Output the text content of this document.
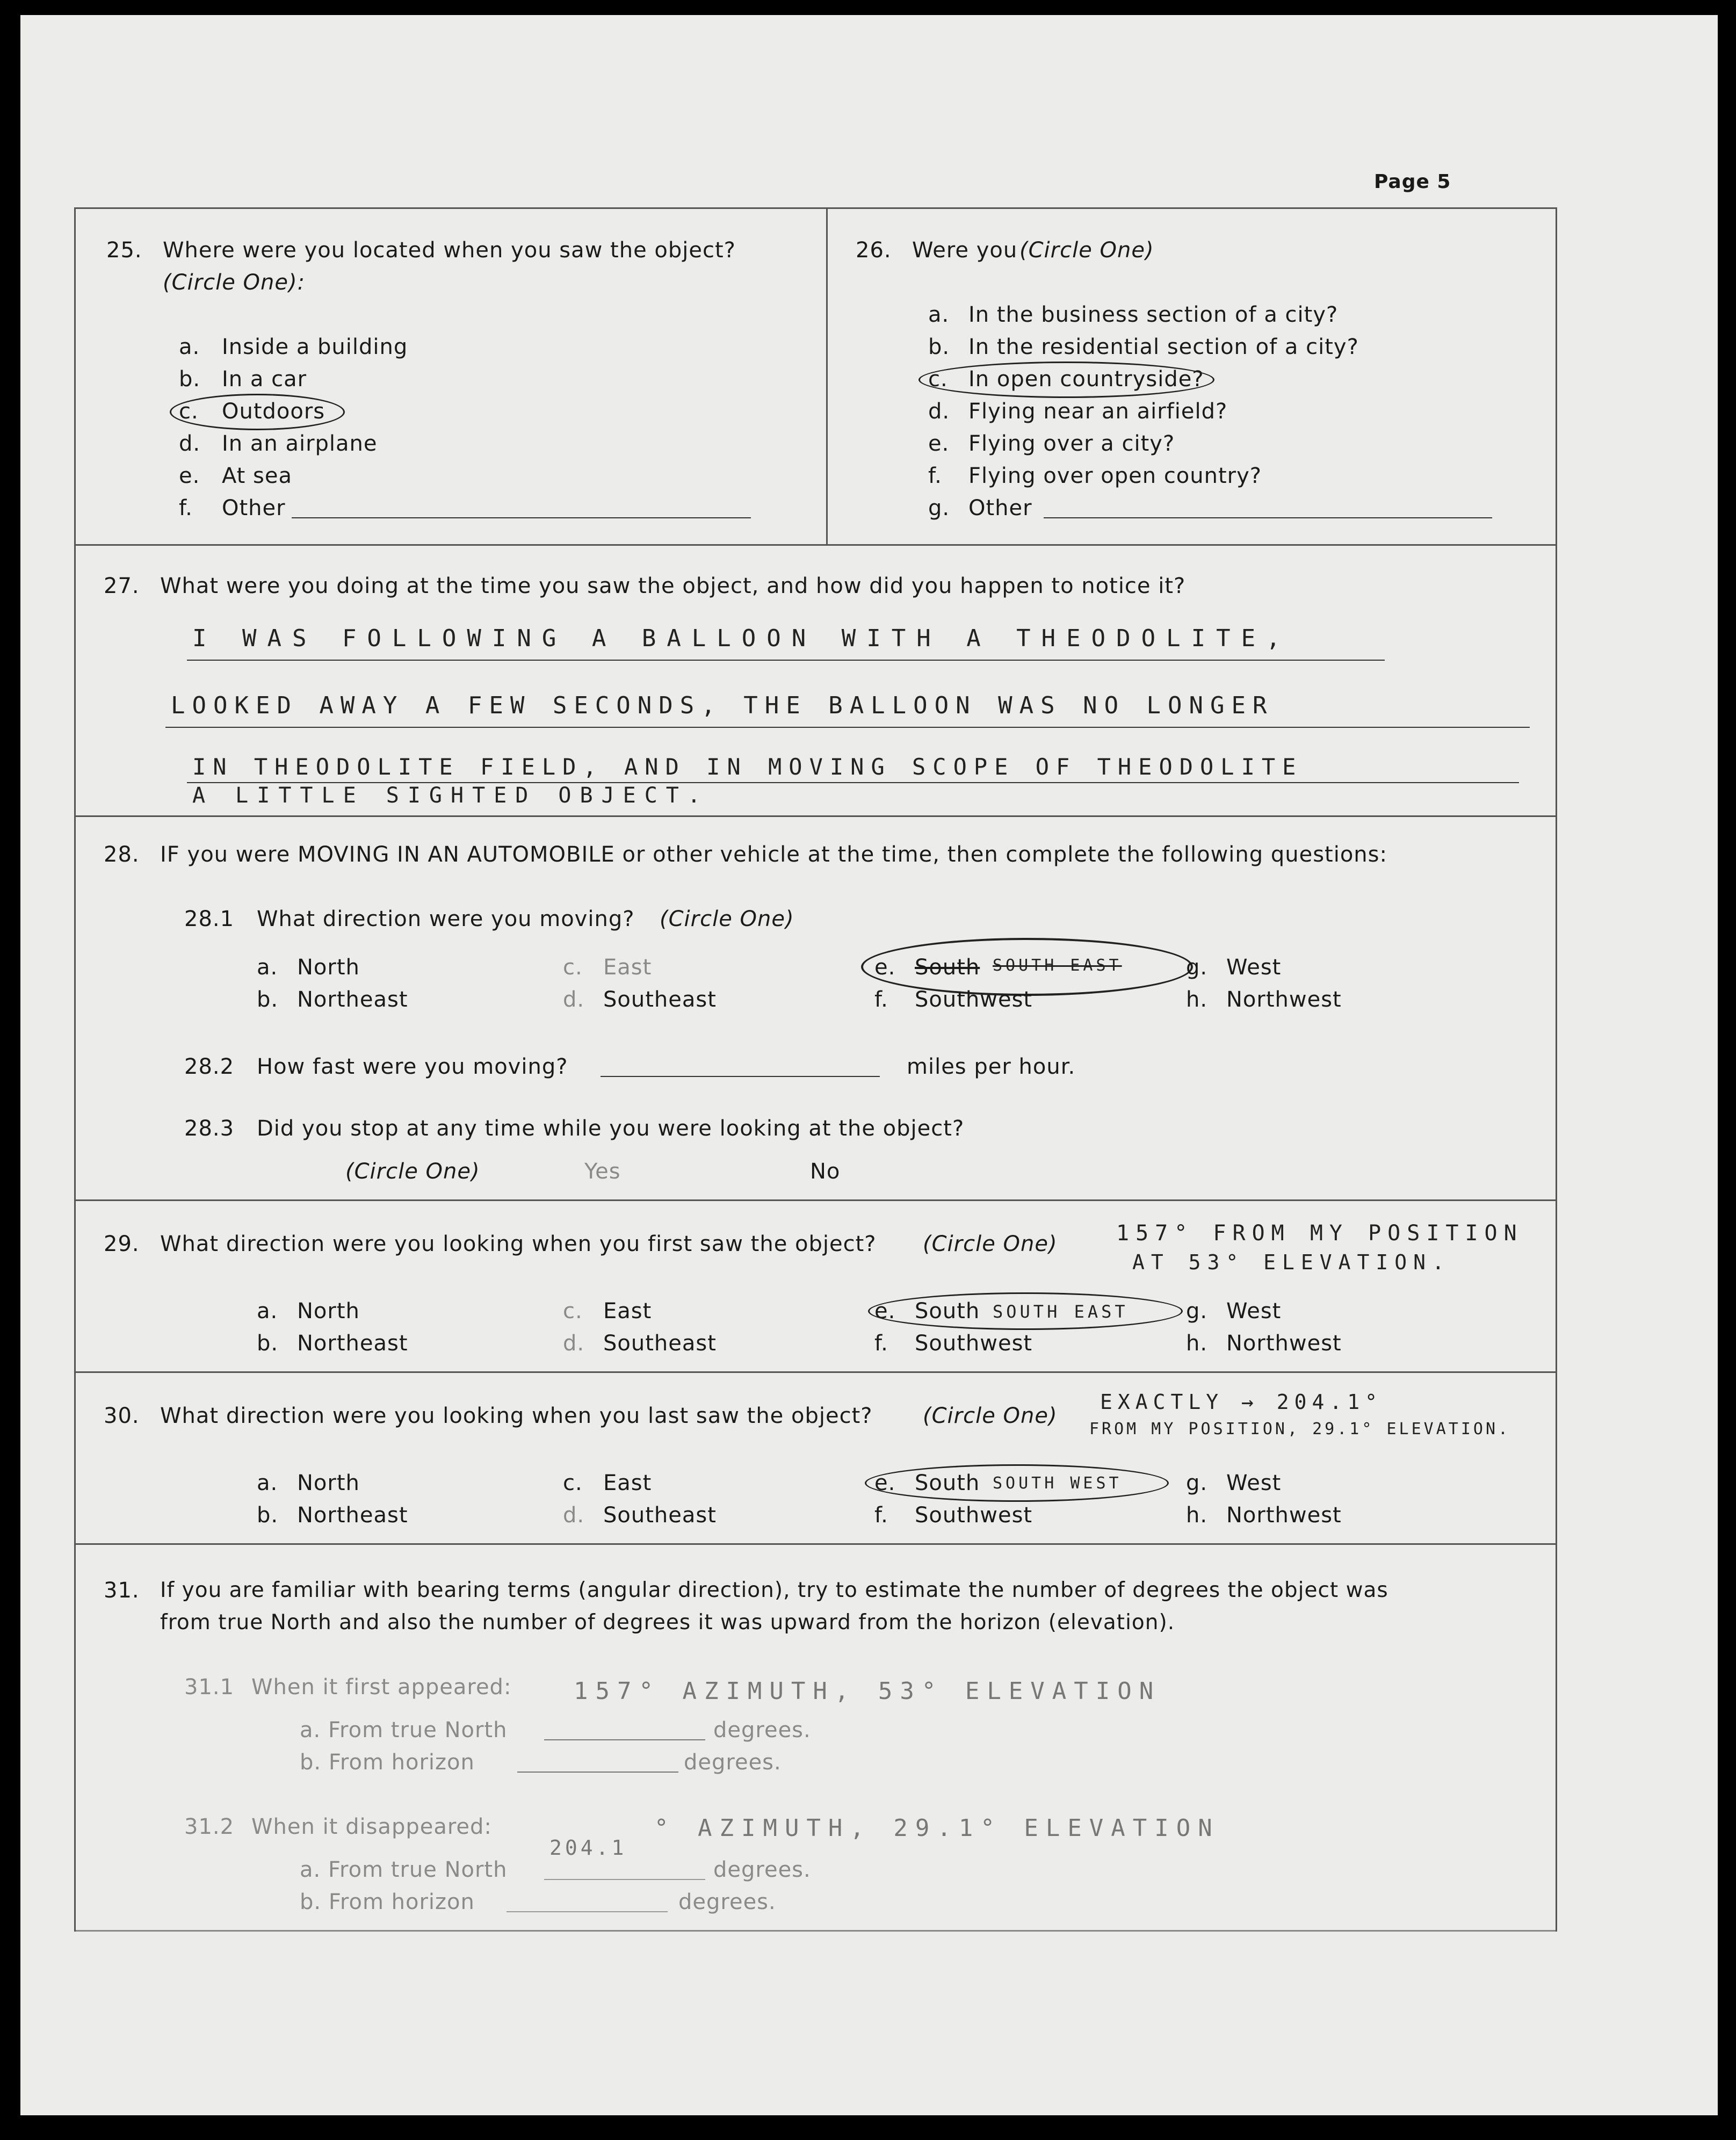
Page 5
25. Where were you located when you saw the object?
(Circle One):
a. Inside a building
b. In a car
c. Outdoors
d. In an airplane
e. At sea
f. Other
26. Were you (Circle One)
a. In the business section of a city?
b. In the residential section of a city?
c. In open countryside?
d. Flying near an airfield?
e. Flying over a city?
f. Flying over open country?
g. Other
27. What were you doing at the time you saw the object, and how did you happen to notice it?
I WAS FOLLOWING A BALLOON WITH A THEODOLITE,
LOOKED AWAY A FEW SECONDS, THE BALLOON WAS NO LONGER
IN THEODOLITE FIELD, AND IN MOVING SCOPE OF THEODOLITE
A LITTLE SIGHTED OBJECT.
28. IF you were MOVING IN AN AUTOMOBILE or other vehicle at the time, then complete the following questions:
28.1 What direction were you moving? (Circle One)
a. North
b. Northeast
c. East
d. Southeast
e. South SOUTH EAST
f. Southwest
g. West
h. Northwest
28.2 How fast were you moving?	miles per hour.
28.3 Did you stop at any time while you were looking at the object?
(Circle One)	Yes	No
29. What direction were you looking when you first saw the object? (Circle One)	157° FROM MY POSITION
AT 53° ELEVATION.
a. North
b. Northeast
c. East
d. Southeast
e. South SOUTH EAST
f. Southwest
g. West
h. Northwest
30. What direction were you looking when you last saw the object? (Circle One)
EXACTLY → 204.1°
FROM MY POSITION, 29.1° ELEVATION.
a. North
b. Northeast
c. East
d. Southeast
e. South SOUTH WEST
f. Southwest
g. West
h. Northwest
31. If you are familiar with bearing terms (angular direction), try to estimate the number of degrees the object was
from true North and also the number of degrees it was upward from the horizon (elevation).
31.1 When it first appeared:	157° AZIMUTH, 53° ELEVATION
a. From true North	degrees.
b. From horizon	degrees.
31.2 When it disappeared:
204.1
° AZIMUTH, 29.1° ELEVATION
a. From true North	degrees.
b. From horizon	degrees.
